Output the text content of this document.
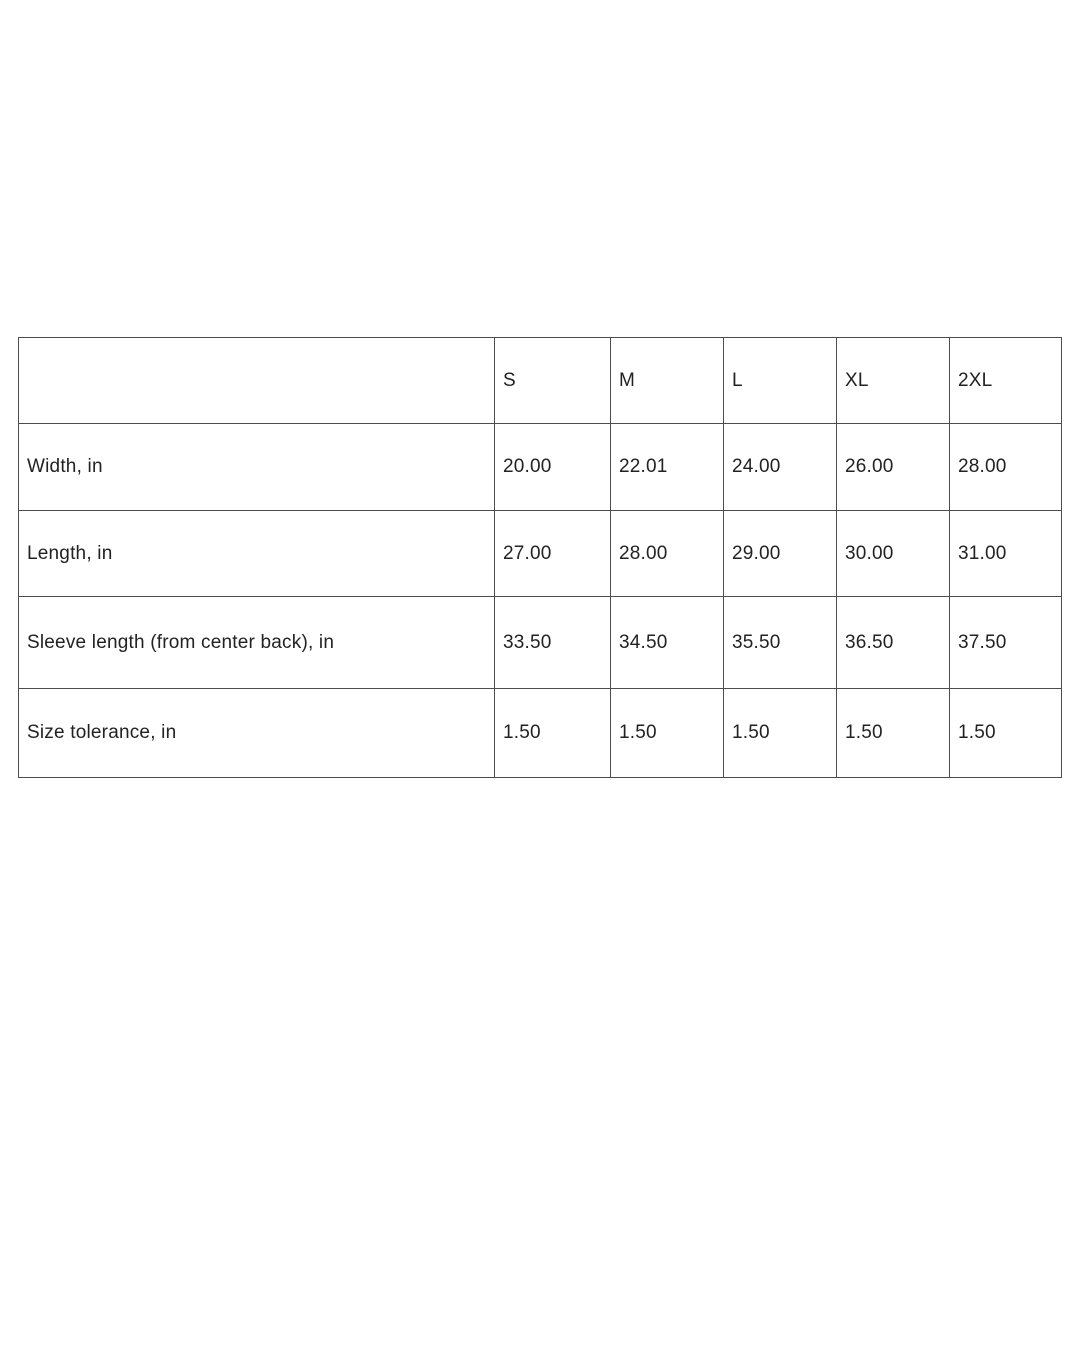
	S	M	L	XL	2XL
Width, in	20.00	22.01	24.00	26.00	28.00
Length, in	27.00	28.00	29.00	30.00	31.00
Sleeve length (from center back), in	33.50	34.50	35.50	36.50	37.50
Size tolerance, in	1.50	1.50	1.50	1.50	1.50
